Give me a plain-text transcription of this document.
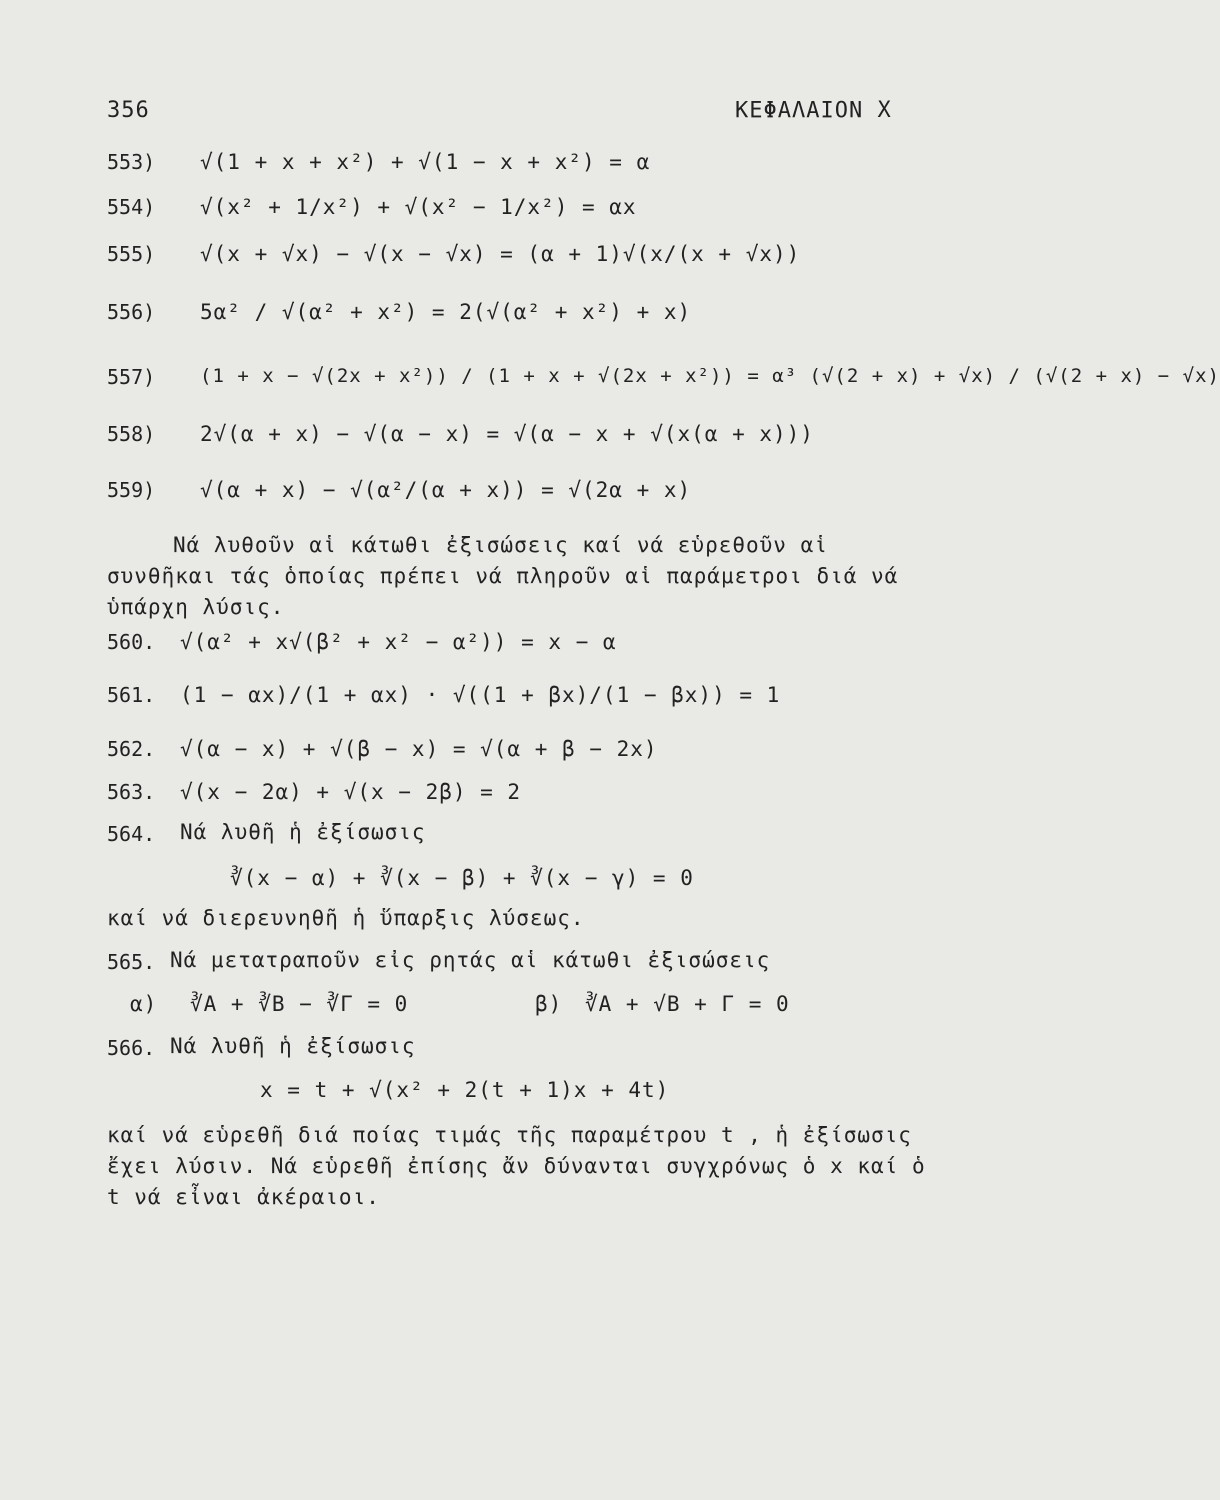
356	ΚΕΦΑΛΑΙΟΝ X
553) √(1 + x + x²) + √(1 − x + x²) = α
554) √(x² + 1/x²) + √(x² − 1/x²) = αx
555) √(x + √x) − √(x − √x) = (α + 1)√(x/(x + √x))
556) 5α² / √(α² + x²) = 2(√(α² + x²) + x)
557) (1 + x − √(2x + x²)) / (1 + x + √(2x + x²)) = α³ (√(2 + x) + √x) / (√(2 + x) − √x)
558) 2√(α + x) − √(α − x) = √(α − x + √(x(α + x)))
559) √(α + x) − √(α²/(α + x)) = √(2α + x)
Νά λυθοῦν αἱ κάτωθι ἐξισώσεις καί νά εὑρεθοῦν αἱ συνθῆκαι τάς ὁποίας πρέπει νά πληροῦν αἱ παράμετροι διά νά ὑπάρχη λύσις.
560. √(α² + x√(β² + x² − α²)) = x − α
561. (1 − αx)/(1 + αx) · √((1 + βx)/(1 − βx)) = 1
562. √(α − x) + √(β − x) = √(α + β − 2x)
563. √(x − 2α) + √(x − 2β) = 2
564. Νά λυθῆ ἡ ἐξίσωσις
∛(x − α) + ∛(x − β) + ∛(x − γ) = 0
καί νά διερευνηθῆ ἡ ὕπαρξις λύσεως.
565. Νά μετατραποῦν εἰς ρητάς αἱ κάτωθι ἐξισώσεις
α) ∛A + ∛B − ∛Γ = 0	β) ∛A + √B + Γ = 0
566. Νά λυθῆ ἡ ἐξίσωσις
x = t + √(x² + 2(t + 1)x + 4t)
καί νά εὑρεθῆ διά ποίας τιμάς τῆς παραμέτρου t , ἡ ἐξίσωσις ἔχει λύσιν. Νά εὑρεθῆ ἐπίσης ἄν δύνανται συγχρόνως ὁ x καί ὁ t νά εἶναι ἀκέραιοι.
